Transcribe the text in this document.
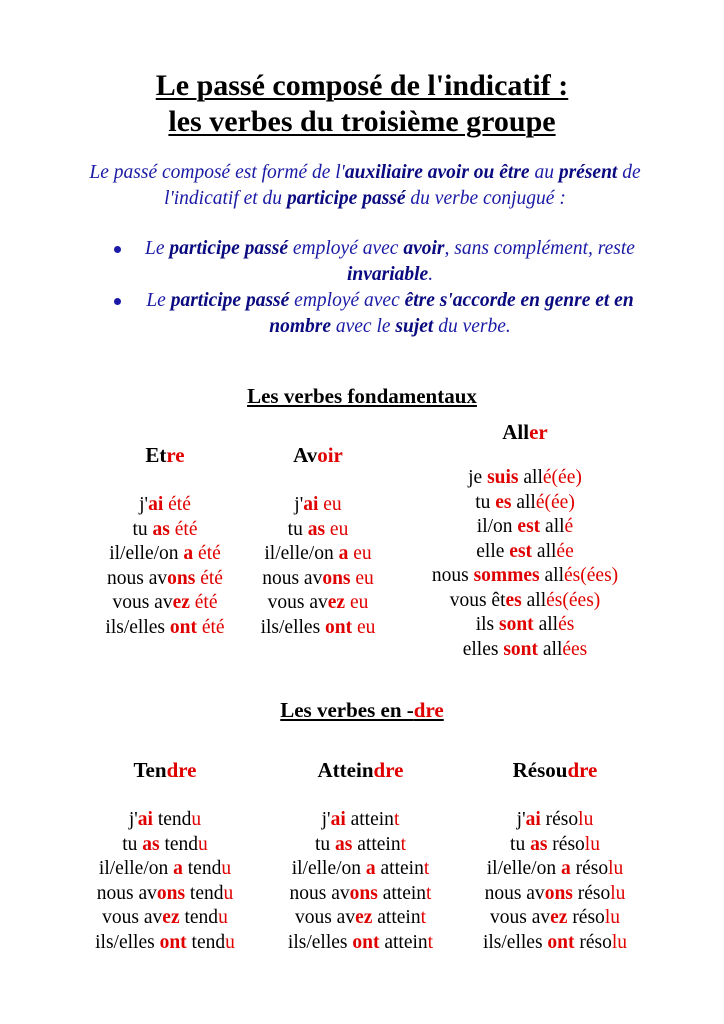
Le passé composé de l'indicatif :
les verbes du troisième groupe

Le passé composé est formé de l'auxiliaire avoir ou être au présent de l'indicatif et du participe passé du verbe conjugué :

Le participe passé employé avec avoir, sans complément, reste invariable.
Le participe passé employé avec être s'accorde en genre et en nombre avec le sujet du verbe.
Les verbes fondamentaux
Etre
j'ai été
tu as été
il/elle/on a été
nous avons été
vous avez été
ils/elles ont été
Avoir
j'ai eu
tu as eu
il/elle/on a eu
nous avons eu
vous avez eu
ils/elles ont eu
Aller
je suis allé(ée)
tu es allé(ée)
il/on est allé
elle est allée
nous sommes allés(ées)
vous êtes allés(ées)
ils sont allés
elles sont allées
Les verbes en -dre
Tendre
j'ai tendu
tu as tendu
il/elle/on a tendu
nous avons tendu
vous avez tendu
ils/elles ont tendu
Atteindre
j'ai atteint
tu as atteint
il/elle/on a atteint
nous avons atteint
vous avez atteint
ils/elles ont atteint
Résoudre
j'ai résolu
tu as résolu
il/elle/on a résolu
nous avons résolu
vous avez résolu
ils/elles ont résolu
